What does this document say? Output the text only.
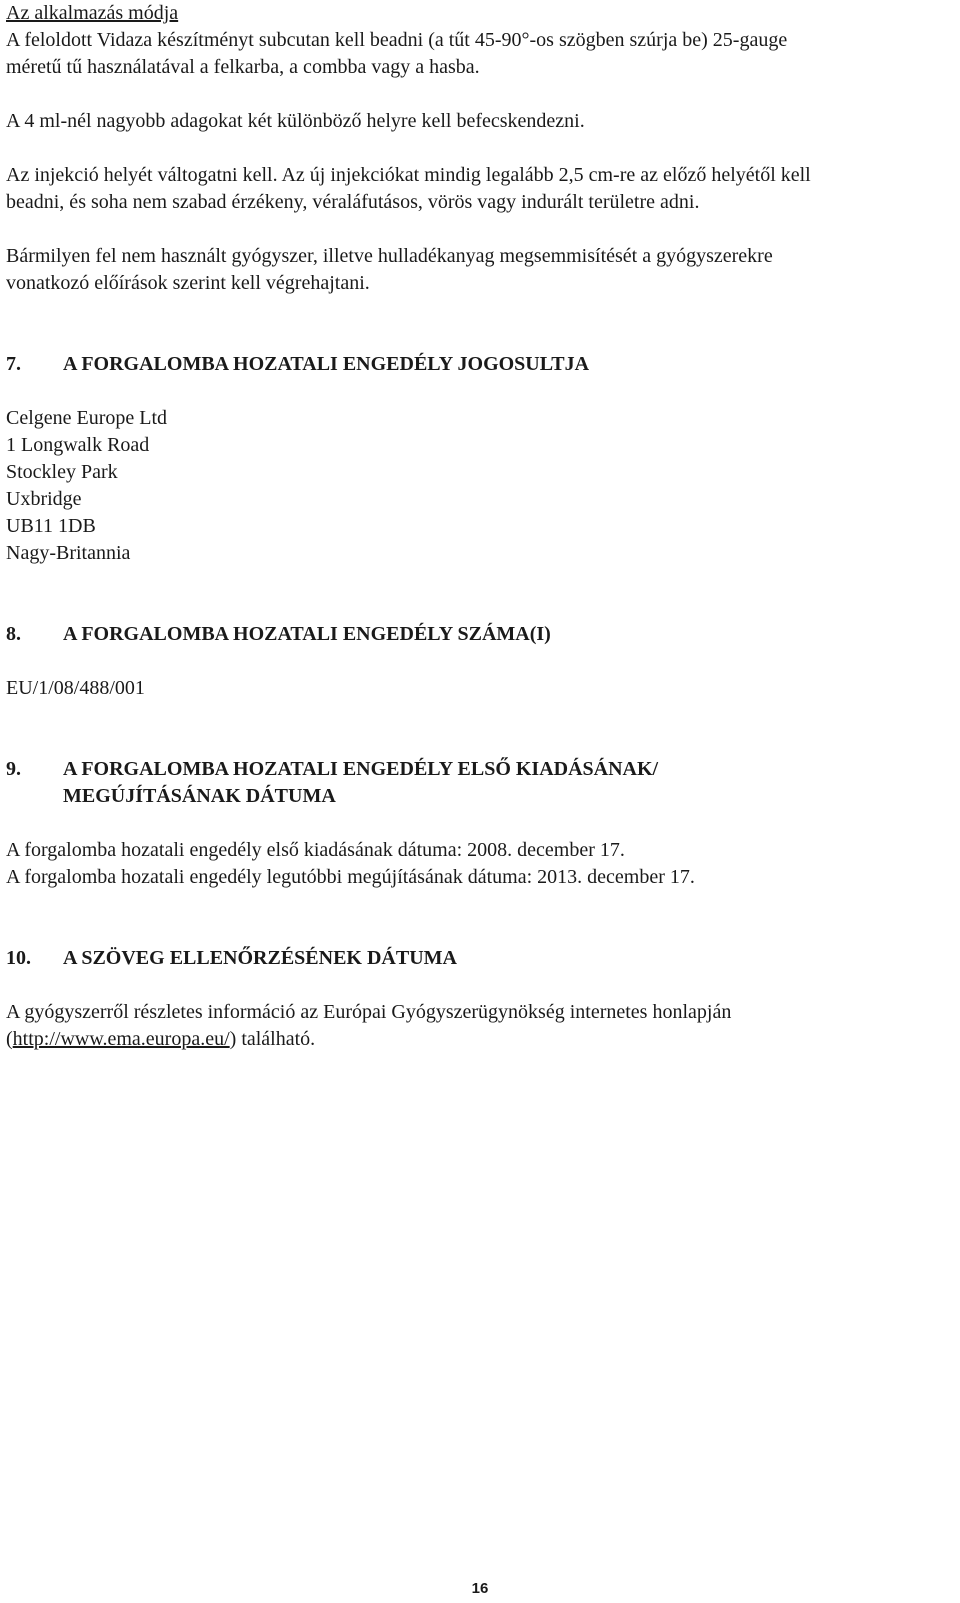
Az alkalmazás módja

A feloldott Vidaza készítményt subcutan kell beadni (a tűt 45-90°-os szögben szúrja be) 25-gauge
méretű tű használatával a felkarba, a combba vagy a hasba.

A 4 ml-nél nagyobb adagokat két különböző helyre kell befecskendezni.

Az injekció helyét váltogatni kell. Az új injekciókat mindig legalább 2,5 cm-re az előző helyétől kell
beadni, és soha nem szabad érzékeny, véraláfutásos, vörös vagy indurált területre adni.

Bármilyen fel nem használt gyógyszer, illetve hulladékanyag megsemmisítését a gyógyszerekre
vonatkozó előírások szerint kell végrehajtani.

7.	A FORGALOMBA HOZATALI ENGEDÉLY JOGOSULTJA

Celgene Europe Ltd
1 Longwalk Road
Stockley Park
Uxbridge
UB11 1DB
Nagy-Britannia

8.	A FORGALOMBA HOZATALI ENGEDÉLY SZÁMA(I)

EU/1/08/488/001

9.	A FORGALOMBA HOZATALI ENGEDÉLY ELSŐ KIADÁSÁNAK/
MEGÚJÍTÁSÁNAK DÁTUMA

A forgalomba hozatali engedély első kiadásának dátuma: 2008. december 17.
A forgalomba hozatali engedély legutóbbi megújításának dátuma: 2013. december 17.

10.	A SZÖVEG ELLENŐRZÉSÉNEK DÁTUMA

A gyógyszerről részletes információ az Európai Gyógyszerügynökség internetes honlapján
(http://www.ema.europa.eu/) található.

16
